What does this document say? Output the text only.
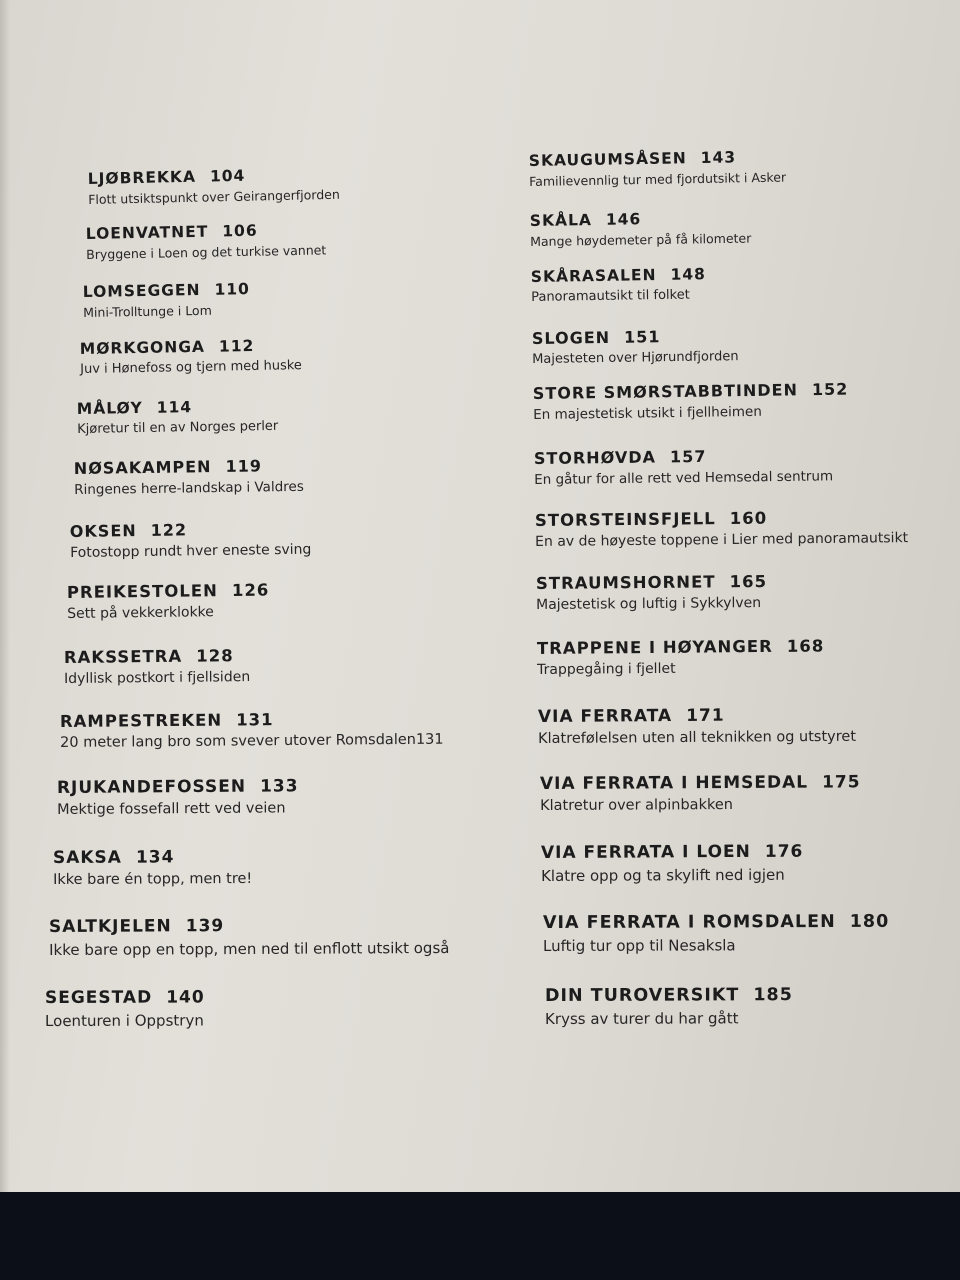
LJØBREKKA 104
Flott utsiktspunkt over Geirangerfjorden
LOENVATNET 106
Bryggene i Loen og det turkise vannet
LOMSEGGEN 110
Mini-Trolltunge i Lom
MØRKGONGA 112
Juv i Hønefoss og tjern med huske
MÅLØY 114
Kjøretur til en av Norges perler
NØSAKAMPEN 119
Ringenes herre-landskap i Valdres
OKSEN 122
Fotostopp rundt hver eneste sving
PREIKESTOLEN 126
Sett på vekkerklokke
RAKSSETRA 128
Idyllisk postkort i fjellsiden
RAMPESTREKEN 131
20 meter lang bro som svever utover Romsdalen131
RJUKANDEFOSSEN 133
Mektige fossefall rett ved veien
SAKSA 134
Ikke bare én topp, men tre!
SALTKJELEN 139
Ikke bare opp en topp, men ned til enflott utsikt også
SEGESTAD 140
Loenturen i Oppstryn
SKAUGUMSÅSEN 143
Familievennlig tur med fjordutsikt i Asker
SKÅLA 146
Mange høydemeter på få kilometer
SKÅRASALEN 148
Panoramautsikt til folket
SLOGEN 151
Majesteten over Hjørundfjorden
STORE SMØRSTABBTINDEN 152
En majestetisk utsikt i fjellheimen
STORHØVDA 157
En gåtur for alle rett ved Hemsedal sentrum
STORSTEINSFJELL 160
En av de høyeste toppene i Lier med panoramautsikt
STRAUMSHORNET 165
Majestetisk og luftig i Sykkylven
TRAPPENE I HØYANGER 168
Trappegåing i fjellet
VIA FERRATA 171
Klatrefølelsen uten all teknikken og utstyret
VIA FERRATA I HEMSEDAL 175
Klatretur over alpinbakken
VIA FERRATA I LOEN 176
Klatre opp og ta skylift ned igjen
VIA FERRATA I ROMSDALEN 180
Luftig tur opp til Nesaksla
DIN TUROVERSIKT 185
Kryss av turer du har gått
